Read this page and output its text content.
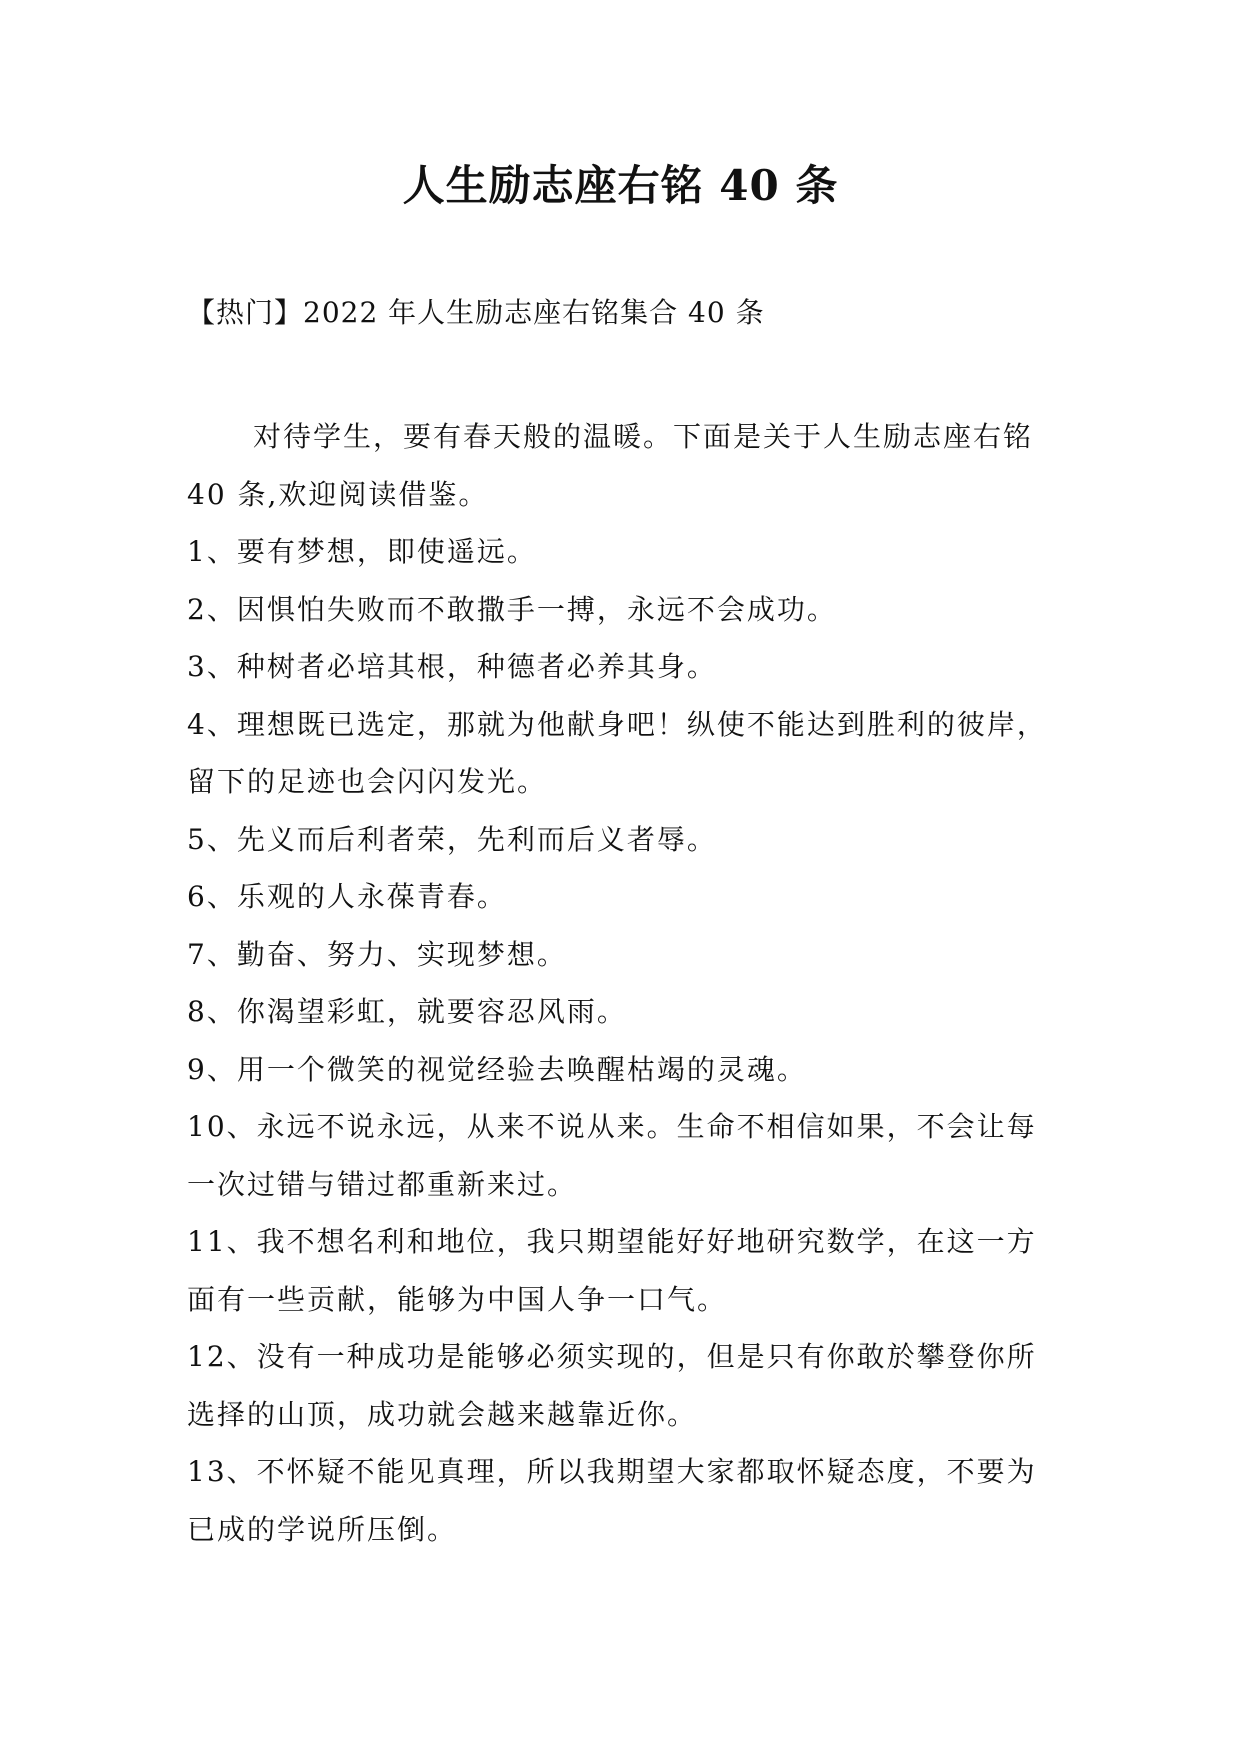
人生励志座右铭 40 条

【热门】2022 年人生励志座右铭集合 40 条

对待学生，要有春天般的温暖。下面是关于人生励志座右铭 40 条,欢迎阅读借鉴。

1、要有梦想，即使遥远。

2、因惧怕失败而不敢撒手一搏，永远不会成功。

3、种树者必培其根，种德者必养其身。

4、理想既已选定，那就为他献身吧！纵使不能达到胜利的彼岸，留下的足迹也会闪闪发光。

5、先义而后利者荣，先利而后义者辱。

6、乐观的人永葆青春。

7、勤奋、努力、实现梦想。

8、你渴望彩虹，就要容忍风雨。

9、用一个微笑的视觉经验去唤醒枯竭的灵魂。

10、永远不说永远，从来不说从来。生命不相信如果，不会让每一次过错与错过都重新来过。

11、我不想名利和地位，我只期望能好好地研究数学，在这一方面有一些贡献，能够为中国人争一口气。

12、没有一种成功是能够必须实现的，但是只有你敢於攀登你所选择的山顶，成功就会越来越靠近你。

13、不怀疑不能见真理，所以我期望大家都取怀疑态度，不要为已成的学说所压倒。
